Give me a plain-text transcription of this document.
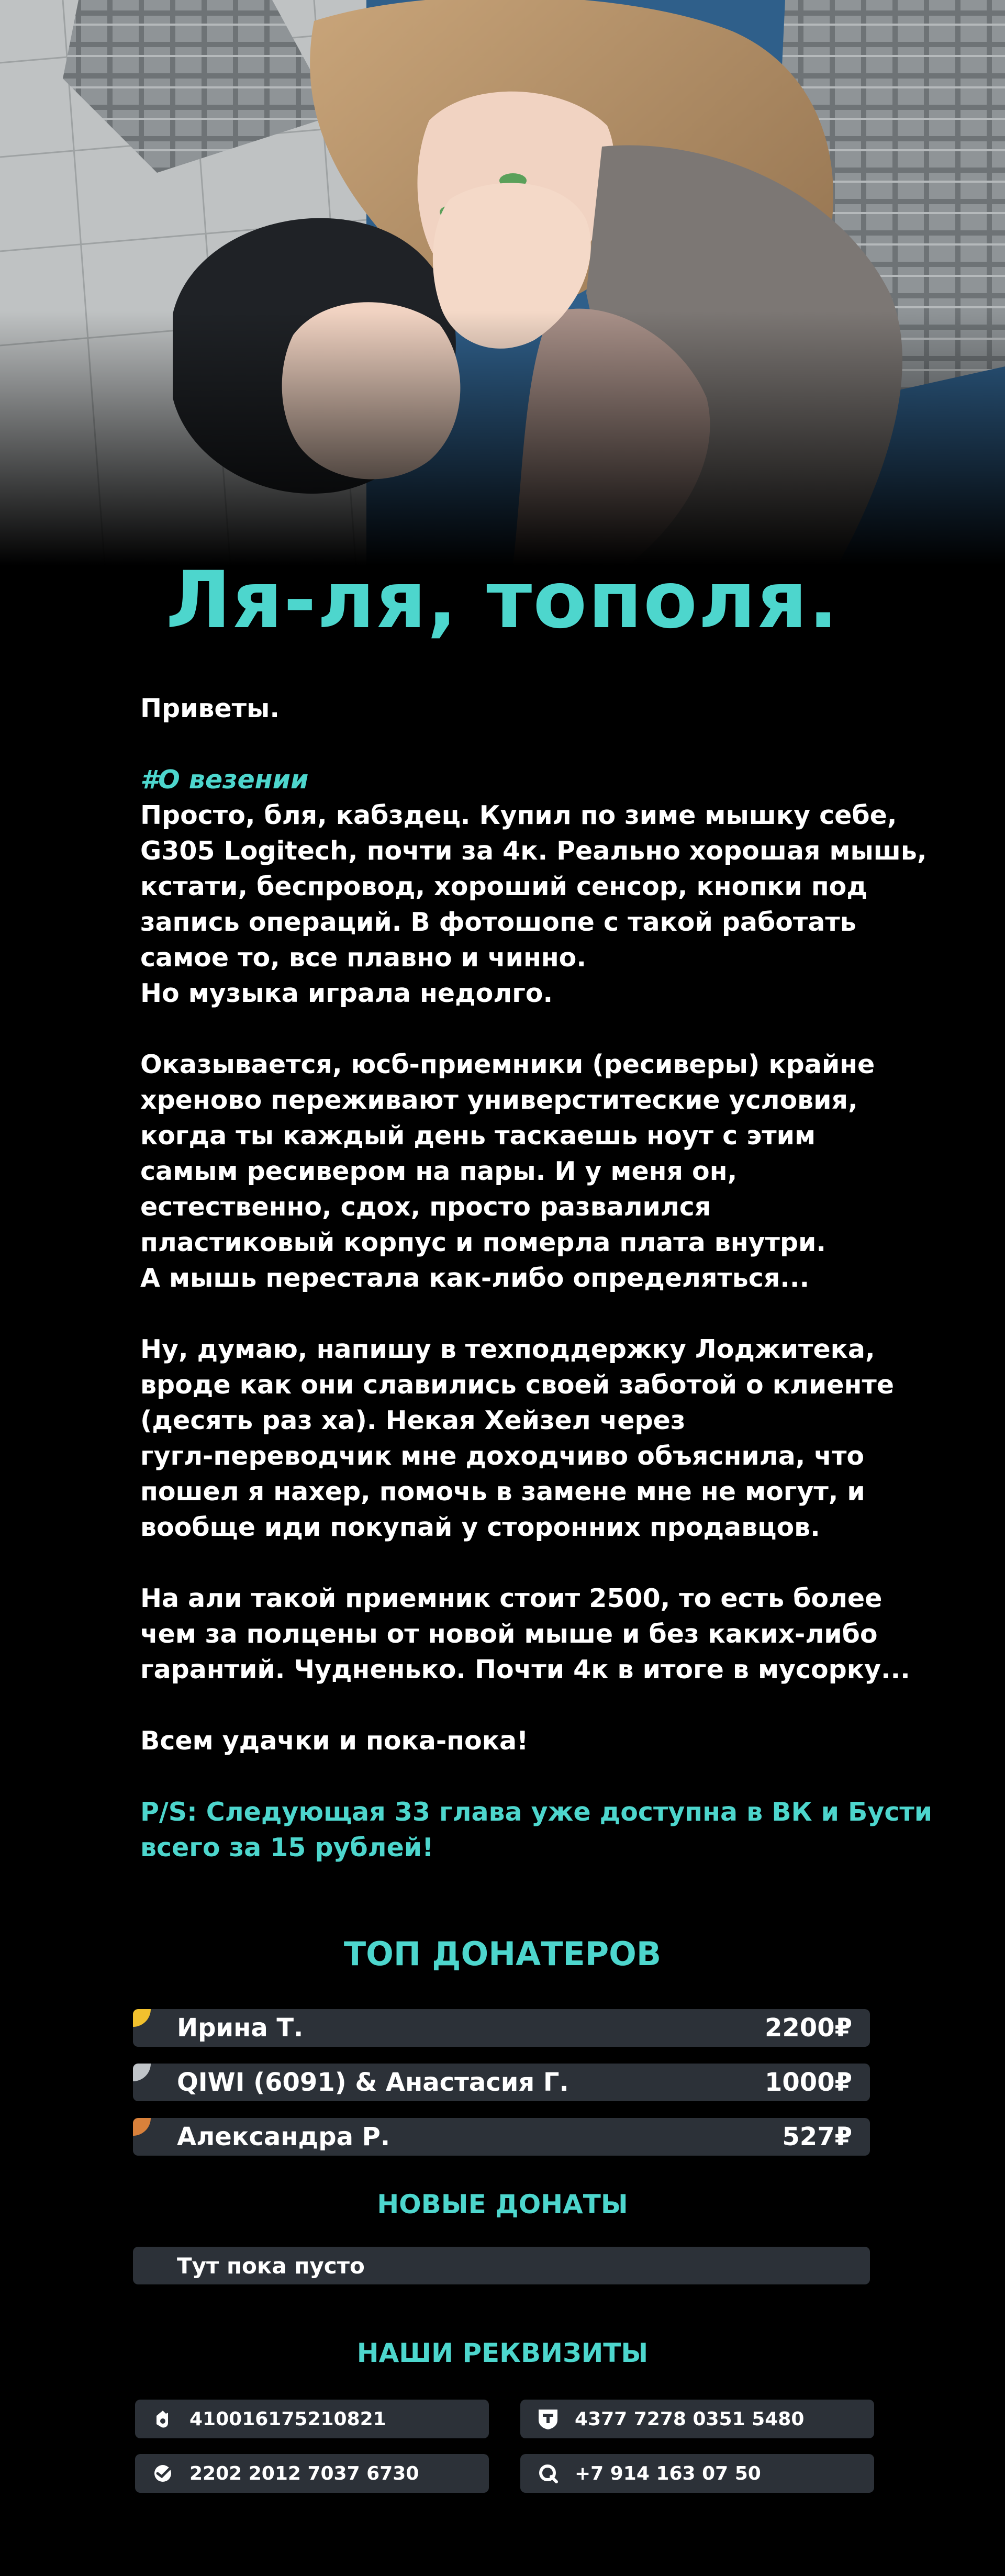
Ля-ля, тополя.

Приветы.

#О везении
Просто, бля, кабздец. Купил по зиме мышку себе,
G305 Logitech, почти за 4к. Реально хорошая мышь,
кстати, беспровод, хороший сенсор, кнопки под
запись операций. В фотошопе с такой работать
самое то, все плавно и чинно.
Но музыка играла недолго.

Оказывается, юсб-приемники (ресиверы) крайне
хреново переживают универститеские условия,
когда ты каждый день таскаешь ноут с этим
самым ресивером на пары. И у меня он,
естественно, сдох, просто развалился
пластиковый корпус и померла плата внутри.
А мышь перестала как-либо определяться...

Ну, думаю, напишу в техподдержку Лоджитека,
вроде как они славились своей заботой о клиенте
(десять раз ха). Некая Хейзел через
гугл-переводчик мне доходчиво объяснила, что
пошел я нахер, помочь в замене мне не могут, и
вообще иди покупай у сторонних продавцов.

На али такой приемник стоит 2500, то есть более
чем за полцены от новой мыше и без каких-либо
гарантий. Чудненько. Почти 4к в итоге в мусорку...

Всем удачки и пока-пока!

P/S: Следующая 33 глава уже доступна в ВК и Бусти
всего за 15 рублей!

ТОП ДОНАТЕРОВ
Ирина Т.	2200₽
QIWI (6091) & Анастасия Г.	1000₽
Александра Р.	527₽
НОВЫЕ ДОНАТЫ
Тут пока пусто
НАШИ РЕКВИЗИТЫ
410016175210821	4377 7278 0351 5480
2202 2012 7037 6730	+7 914 163 07 50
